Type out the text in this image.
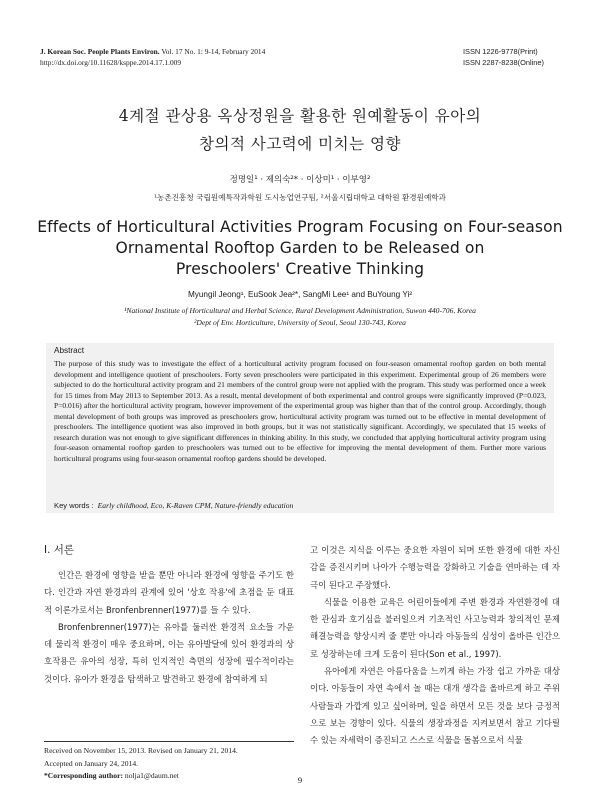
J. Korean Soc. People Plants Environ. Vol. 17 No. 1: 9-14, February 2014
http://dx.doi.org/10.11628/ksppe.2014.17.1.009
ISSN 1226-9778(Print)
ISSN 2287-8238(Online)
4계절 관상용 옥상정원을 활용한 원예활동이 유아의
창의적 사고력에 미치는 영향
정명일¹ · 제의숙²* · 이상미¹ · 이부영²
¹농촌진흥청 국립원예특작과학원 도시농업연구팀, ²서울시립대학교 대학원 환경원예학과
Effects of Horticultural Activities Program Focusing on Four-season
Ornamental Rooftop Garden to be Released on
Preschoolers' Creative Thinking
Myungil Jeong¹, EuSook Jea²*, SangMi Lee¹ and BuYoung Yi²
¹National Institute of Horticultural and Herbal Science, Rural Development Administration, Suwon 440-706, Korea
²Dept of Env. Horticulture, University of Seoul, Seoul 130-743, Korea
Abstract
The purpose of this study was to investigate the effect of a horticultural activity program focused on four-season ornamental rooftop garden on both mental development and intelligence quotient of preschoolers. Forty seven preschoolers were participated in this experiment. Experimental group of 26 members were subjected to do the horticultural activity program and 21 members of the control group were not applied with the program. This study was performed once a week for 15 times from May 2013 to September 2013. As a result, mental development of both experimental and control groups were significantly improved (P=0.023, P=0.016) after the horticultural activity program, however improvement of the experimental group was higher than that of the control group. Accordingly, though mental development of both groups was improved as preschoolers grow, horticultural activity program was turned out to be effective in mental development of preschoolers. The intelligence quotient was also improved in both groups, but it was not statistically significant. Accordingly, we speculated that 15 weeks of research duration was not enough to give significant differences in thinking ability. In this study, we concluded that applying horticultural activity program using four-season ornamental rooftop garden to preschoolers was turned out to be effective for improving the mental development of them. Further more various horticultural programs using four-season ornamental rooftop gardens should be developed.
Key words : Early childhood, Eco, K-Raven CPM, Nature-friendly education
Ⅰ. 서론

인간은 환경에 영향을 받을 뿐만 아니라 환경에 영향을 주기도 한다. 인간과 자연 환경과의 관계에 있어 '상호 작용'에 초점을 둔 대표적 이론가로서는 Bronfenbrenner(1977)를 들 수 있다.

Bronfenbrenner(1977)는 유아를 둘러싼 환경적 요소들 가운데 물리적 환경이 매우 중요하며, 이는 유아발달에 있어 환경과의 상호작용은 유아의 성장, 특히 인지적인 측면의 성장에 필수적이라는 것이다. 유아가 환경을 탐색하고 발견하고 환경에 참여하게 되

고 이것은 지식을 이루는 중요한 자원이 되며 또한 환경에 대한 자신감을 증진시키며 나아가 수행능력을 강화하고 기술을 연마하는 데 자극이 된다고 주장했다.

식물을 이용한 교육은 어린이들에게 주변 환경과 자연환경에 대한 관심과 호기심을 불러일으켜 기초적인 사고능력과 창의적인 문제해결능력을 향상시켜 줄 뿐만 아니라 아동들의 심성이 올바른 인간으로 성장하는데 크게 도움이 된다(Son et al., 1997).

유아에게 자연은 아름다움을 느끼게 하는 가장 쉽고 가까운 대상이다. 아동들이 자연 속에서 놀 때는 대개 생각을 올바르게 하고 주위 사람들과 가깝게 있고 싶어하며, 일을 하면서 모든 것을 보다 긍정적으로 보는 경향이 있다. 식물의 생장과정을 지켜보면서 참고 기다릴 수 있는 자세력이 증진되고 스스로 식물을 돌봄으로서 식물

Received on November 15, 2013. Revised on January 21, 2014.
Accepted on January 24, 2014.
*Corresponding author: nolja1@daum.net	9
